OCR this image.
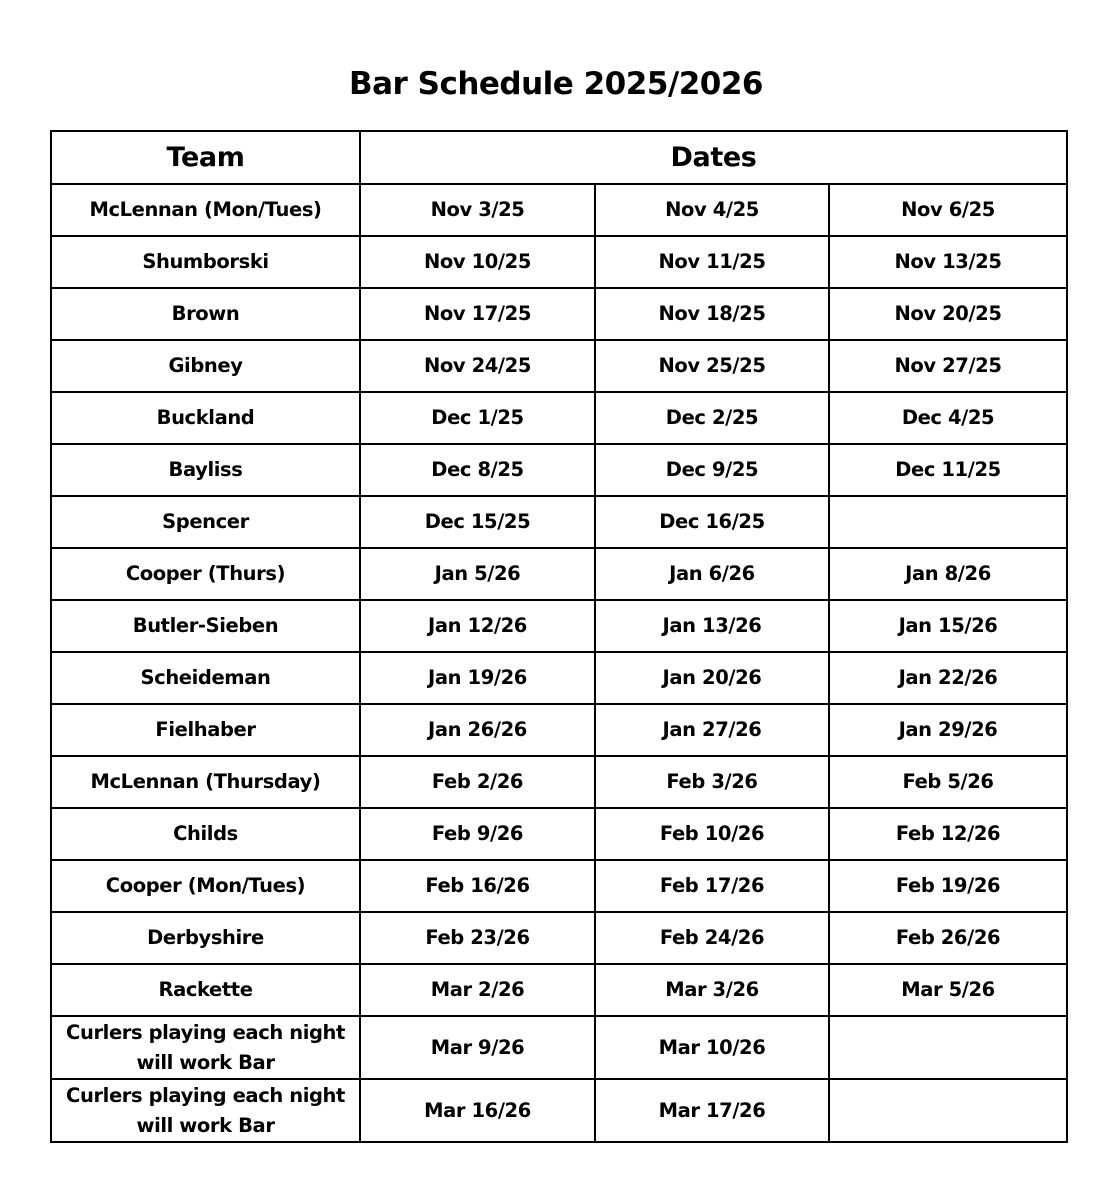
Bar Schedule 2025/2026
Team	Dates		
McLennan (Mon/Tues)	Nov 3/25	Nov 4/25	Nov 6/25
Shumborski	Nov 10/25	Nov 11/25	Nov 13/25
Brown	Nov 17/25	Nov 18/25	Nov 20/25
Gibney	Nov 24/25	Nov 25/25	Nov 27/25
Buckland	Dec 1/25	Dec 2/25	Dec 4/25
Bayliss	Dec 8/25	Dec 9/25	Dec 11/25
Spencer	Dec 15/25	Dec 16/25	
Cooper (Thurs)	Jan 5/26	Jan 6/26	Jan 8/26
Butler-Sieben	Jan 12/26	Jan 13/26	Jan 15/26
Scheideman	Jan 19/26	Jan 20/26	Jan 22/26
Fielhaber	Jan 26/26	Jan 27/26	Jan 29/26
McLennan (Thursday)	Feb 2/26	Feb 3/26	Feb 5/26
Childs	Feb 9/26	Feb 10/26	Feb 12/26
Cooper (Mon/Tues)	Feb 16/26	Feb 17/26	Feb 19/26
Derbyshire	Feb 23/26	Feb 24/26	Feb 26/26
Rackette	Mar 2/26	Mar 3/26	Mar 5/26

Curlers playing each night
will work Bar	Mar 9/26	Mar 10/26	

Curlers playing each night
will work Bar	Mar 16/26	Mar 17/26	
